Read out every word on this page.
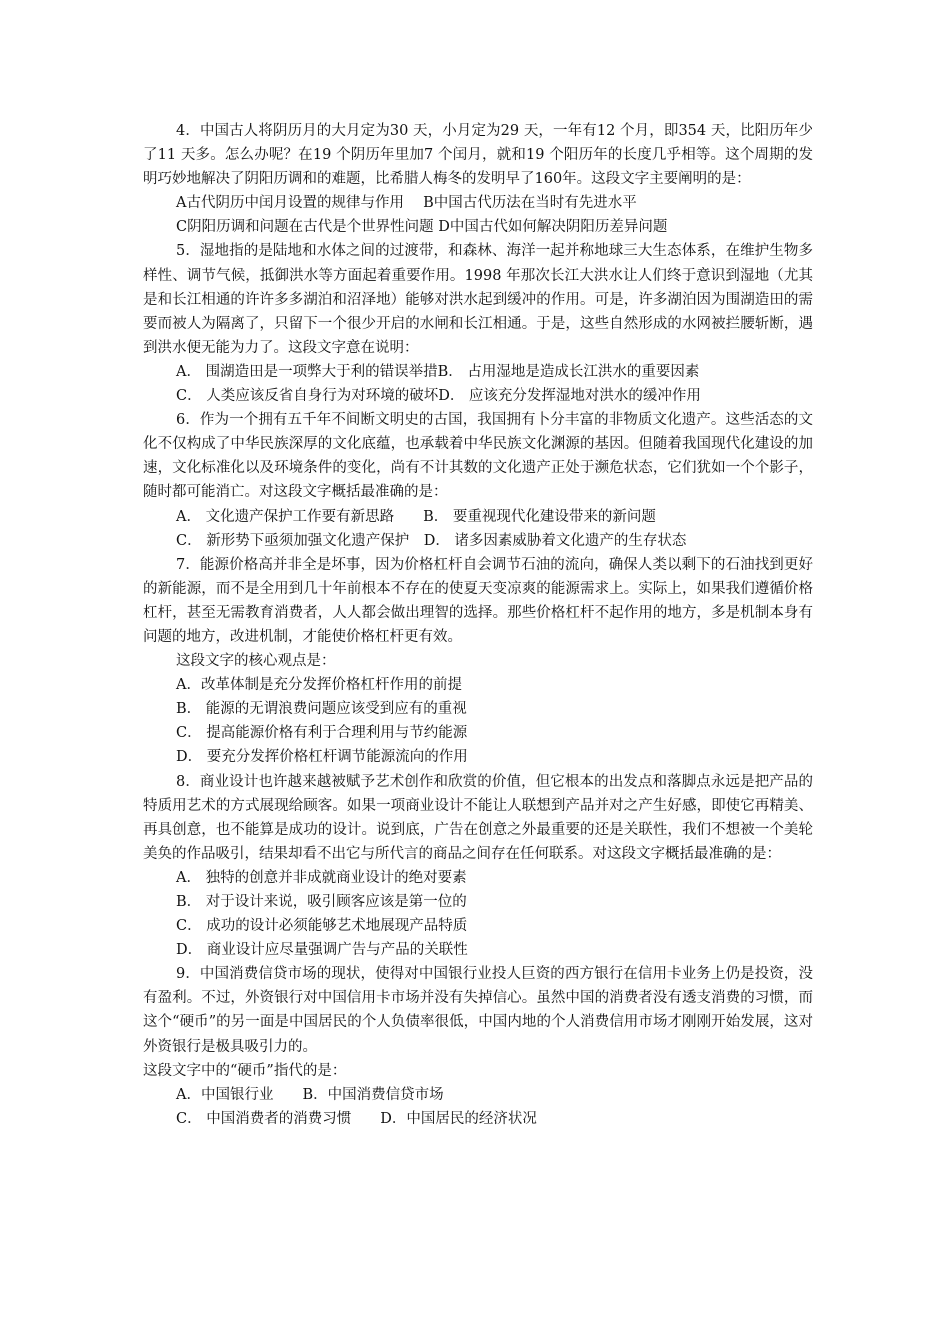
4．中国古人将阴历月的大月定为30 天，小月定为29 天，一年有12 个月，即354 天，比阳历年少了11 天多。怎么办呢？在19 个阴历年里加7 个闰月，就和19 个阳历年的长度几乎相等。这个周期的发明巧妙地解决了阴阳历调和的难题，比希腊人梅冬的发明早了160年。这段文字主要阐明的是：

A古代阴历中闰月设置的规律与作用　 B中国古代历法在当时有先进水平

C阴阳历调和问题在古代是个世界性问题 D中国古代如何解决阴阳历差异问题

5．湿地指的是陆地和水体之间的过渡带，和森林、海洋一起并称地球三大生态体系，在维护生物多样性、调节气候，抵御洪水等方面起着重要作用。1998 年那次长江大洪水让人们终于意识到湿地（尤其是和长江相通的许许多多湖泊和沼泽地）能够对洪水起到缓冲的作用。可是，许多湖泊因为围湖造田的需要而被人为隔离了，只留下一个很少开启的水闸和长江相通。于是，这些自然形成的水网被拦腰斩断，遇到洪水便无能为力了。这段文字意在说明：

A． 围湖造田是一项弊大于利的错误举措B． 占用湿地是造成长江洪水的重要因素

C． 人类应该反省自身行为对环境的破坏D． 应该充分发挥湿地对洪水的缓冲作用

6．作为一个拥有五千年不间断文明史的古国，我国拥有卜分丰富的非物质文化遗产。这些活态的文化不仅构成了中华民族深厚的文化底蕴，也承载着中华民族文化渊源的基因。但随着我国现代化建设的加速，文化标准化以及环境条件的变化，尚有不计其数的文化遗产正处于濒危状态，它们犹如一个个影子，随时都可能消亡。对这段文字概括最准确的是：

A． 文化遗产保护工作要有新思路　　B． 要重视现代化建设带来的新问题

C． 新形势下亟须加强文化遗产保护　D． 诸多因素威胁着文化遗产的生存状态

7．能源价格高并非全是坏事，因为价格杠杆自会调节石油的流向，确保人类以剩下的石油找到更好的新能源，而不是全用到几十年前根本不存在的使夏天变凉爽的能源需求上。实际上，如果我们遵循价格杠杆，甚至无需教育消费者，人人都会做出理智的选择。那些价格杠杆不起作用的地方，多是机制本身有问题的地方，改进机制，才能使价格杠杆更有效。

这段文字的核心观点是：

A．改革体制是充分发挥价格杠杆作用的前提

B． 能源的无谓浪费问题应该受到应有的重视

C． 提高能源价格有利于合理利用与节约能源

D． 要充分发挥价格杠杆调节能源流向的作用

8．商业设计也许越来越被赋予艺术创作和欣赏的价值，但它根本的出发点和落脚点永远是把产品的特质用艺术的方式展现给顾客。如果一项商业设计不能让人联想到产品并对之产生好感，即使它再精美、再具创意，也不能算是成功的设计。说到底，广告在创意之外最重要的还是关联性，我们不想被一个美轮美奂的作品吸引，结果却看不出它与所代言的商品之间存在任何联系。对这段文字概括最准确的是：

A． 独特的创意并非成就商业设计的绝对要素

B． 对于设计来说，吸引顾客应该是第一位的

C． 成功的设计必须能够艺术地展现产品特质

D． 商业设计应尽量强调广告与产品的关联性

9．中国消费信贷市场的现状，使得对中国银行业投人巨资的西方银行在信用卡业务上仍是投资，没有盈利。不过，外资银行对中国信用卡市场并没有失掉信心。虽然中国的消费者没有透支消费的习惯，而这个“硬币”的另一面是中国居民的个人负债率很低，中国内地的个人消费信用市场才刚刚开始发展，这对外资银行是极具吸引力的。

这段文字中的“硬币”指代的是：

A．中国银行业　　B．中国消费信贷市场

C． 中国消费者的消费习惯　　D．中国居民的经济状况
